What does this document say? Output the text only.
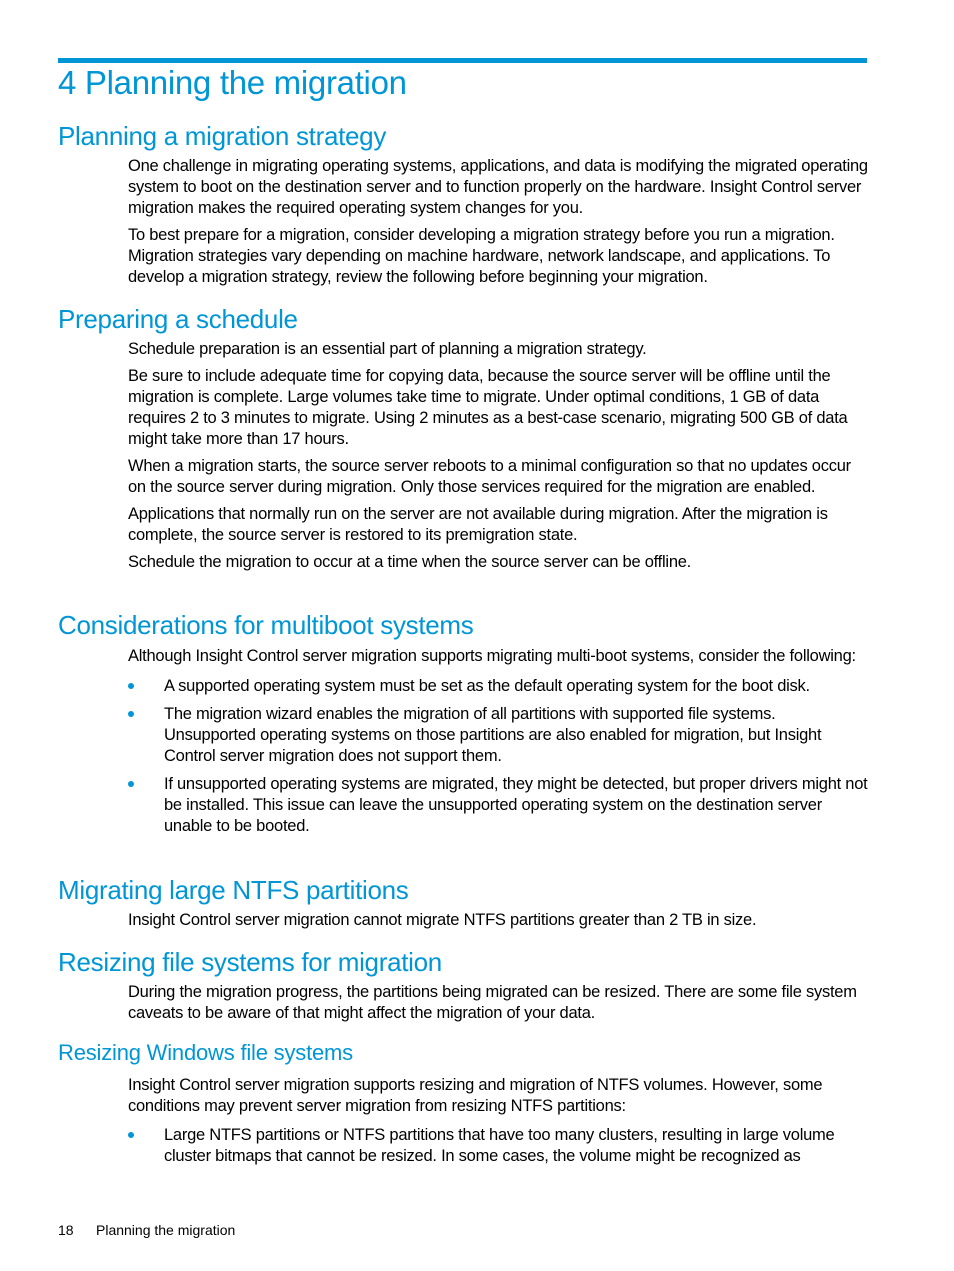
4 Planning the migration
Planning a migration strategy

One challenge in migrating operating systems, applications, and data is modifying the migrated operating system to boot on the destination server and to function properly on the hardware. Insight Control server migration makes the required operating system changes for you.

To best prepare for a migration, consider developing a migration strategy before you run a migration. Migration strategies vary depending on machine hardware, network landscape, and applications. To develop a migration strategy, review the following before beginning your migration.

Preparing a schedule

Schedule preparation is an essential part of planning a migration strategy.

Be sure to include adequate time for copying data, because the source server will be offline until the migration is complete. Large volumes take time to migrate. Under optimal conditions, 1 GB of data requires 2 to 3 minutes to migrate. Using 2 minutes as a best-case scenario, migrating 500 GB of data might take more than 17 hours.

When a migration starts, the source server reboots to a minimal configuration so that no updates occur on the source server during migration. Only those services required for the migration are enabled.

Applications that normally run on the server are not available during migration. After the migration is complete, the source server is restored to its premigration state.

Schedule the migration to occur at a time when the source server can be offline.

Considerations for multiboot systems

Although Insight Control server migration supports migrating multi-boot systems, consider the following:

A supported operating system must be set as the default operating system for the boot disk.
The migration wizard enables the migration of all partitions with supported file systems. Unsupported operating systems on those partitions are also enabled for migration, but Insight Control server migration does not support them.
If unsupported operating systems are migrated, they might be detected, but proper drivers might not be installed. This issue can leave the unsupported operating system on the destination server unable to be booted.
Migrating large NTFS partitions

Insight Control server migration cannot migrate NTFS partitions greater than 2 TB in size.

Resizing file systems for migration

During the migration progress, the partitions being migrated can be resized. There are some file system caveats to be aware of that might affect the migration of your data.

Resizing Windows file systems

Insight Control server migration supports resizing and migration of NTFS volumes. However, some conditions may prevent server migration from resizing NTFS partitions:

Large NTFS partitions or NTFS partitions that have too many clusters, resulting in large volume cluster bitmaps that cannot be resized. In some cases, the volume might be recognized as
18 Planning the migration
